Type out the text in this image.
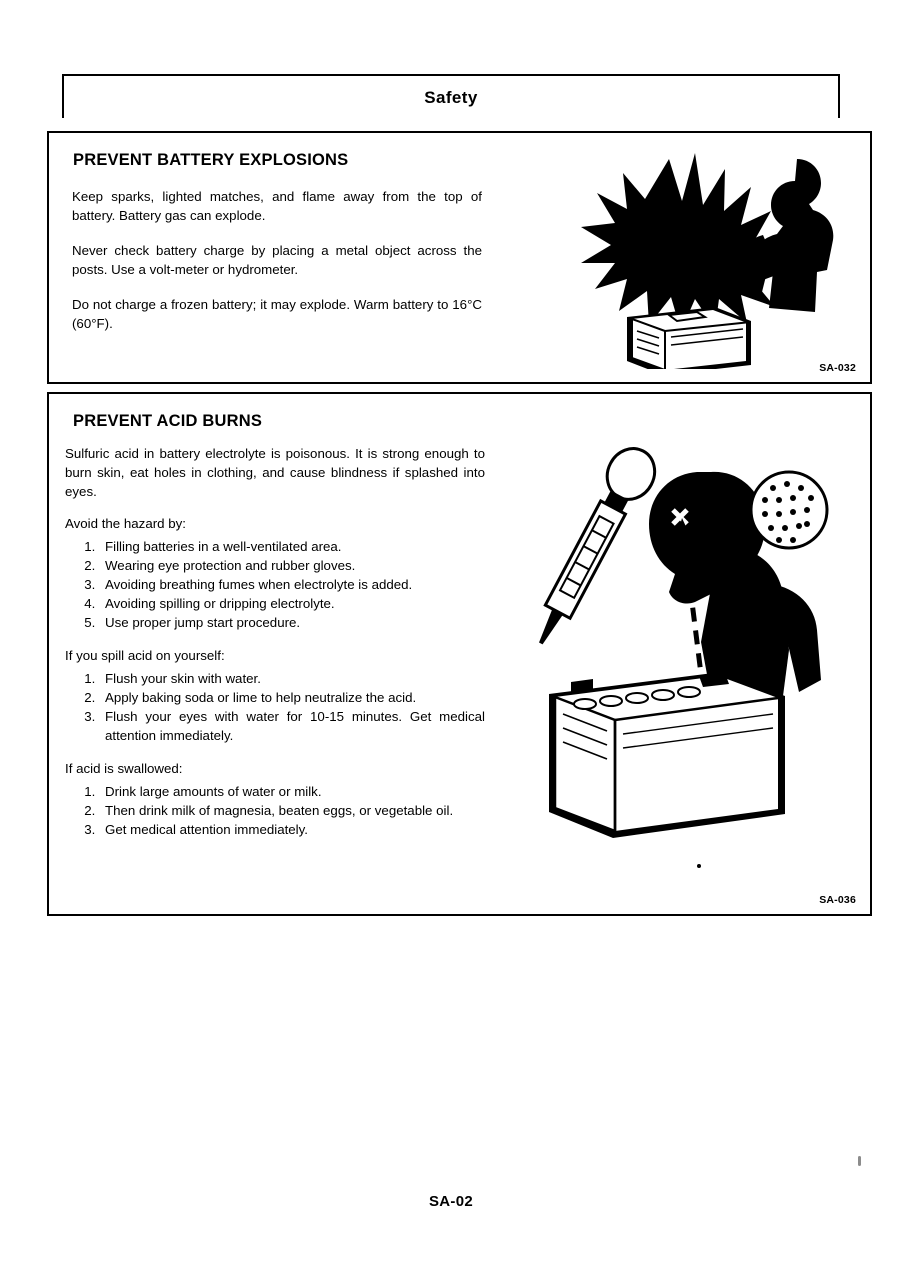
Safety
PREVENT BATTERY EXPLOSIONS

Keep sparks, lighted matches, and flame away from the top of battery. Battery gas can explode.

Never check battery charge by placing a metal object across the posts. Use a volt-meter or hydrometer.

Do not charge a frozen battery; it may explode. Warm battery to 16°C (60°F).

SA-032
PREVENT ACID BURNS

Sulfuric acid in battery electrolyte is poisonous. It is strong enough to burn skin, eat holes in clothing, and cause blindness if splashed into eyes.

Avoid the hazard by:

1. Filling batteries in a well-ventilated area.
2. Wearing eye protection and rubber gloves.
3. Avoiding breathing fumes when electrolyte is added.
4. Avoiding spilling or dripping electrolyte.
5. Use proper jump start procedure.

If you spill acid on yourself:

1. Flush your skin with water.
2. Apply baking soda or lime to help neutralize the acid.
3. Flush your eyes with water for 10-15 minutes. Get medical attention immediately.

If acid is swallowed:

1. Drink large amounts of water or milk.
2. Then drink milk of magnesia, beaten eggs, or vegetable oil.
3. Get medical attention immediately.
SA-036
SA-02
